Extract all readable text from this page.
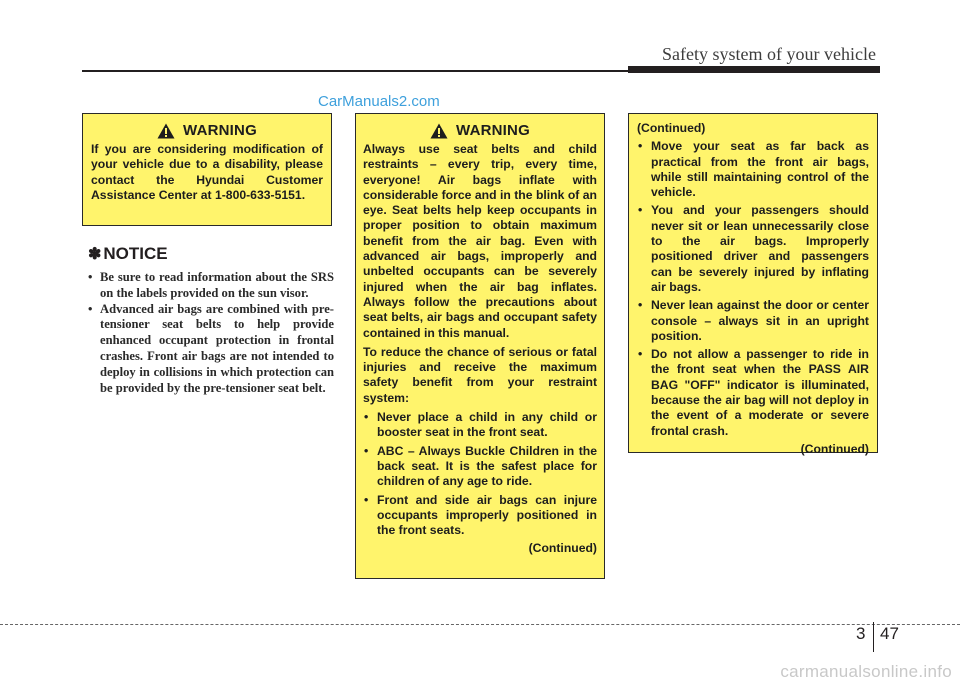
Safety system of your vehicle
CarManuals2.com
WARNING

If you are considering modification of your vehicle due to a disability, please contact the Hyundai Customer Assistance Center at 1-800-633-5151.

✽ NOTICE
• Be sure to read information about the SRS on the labels provided on the sun visor.
• Advanced air bags are combined with pre-tensioner seat belts to help provide enhanced occupant protection in frontal crashes. Front air bags are not intended to deploy in collisions in which protection can be provided by the pre-tensioner seat belt.
WARNING

Always use seat belts and child restraints – every trip, every time, everyone! Air bags inflate with considerable force and in the blink of an eye. Seat belts help keep occupants in proper position to obtain maximum benefit from the air bag. Even with advanced air bags, improperly and unbelted occupants can be severely injured when the air bag inflates. Always follow the precautions about seat belts, air bags and occupant safety contained in this manual.

To reduce the chance of serious or fatal injuries and receive the maximum safety benefit from your restraint system:

• Never place a child in any child or booster seat in the front seat.
• ABC – Always Buckle Children in the back seat. It is the safest place for children of any age to ride.
• Front and side air bags can injure occupants improperly positioned in the front seats.
(Continued)
(Continued)
• Move your seat as far back as practical from the front air bags, while still maintaining control of the vehicle.
• You and your passengers should never sit or lean unnecessarily close to the air bags. Improperly positioned driver and passengers can be severely injured by inflating air bags.
• Never lean against the door or center console – always sit in an upright position.
• Do not allow a passenger to ride in the front seat when the PASS AIR BAG "OFF" indicator is illuminated, because the air bag will not deploy in the event of a moderate or severe frontal crash.
(Continued)
3 47
carmanualsonline.info
